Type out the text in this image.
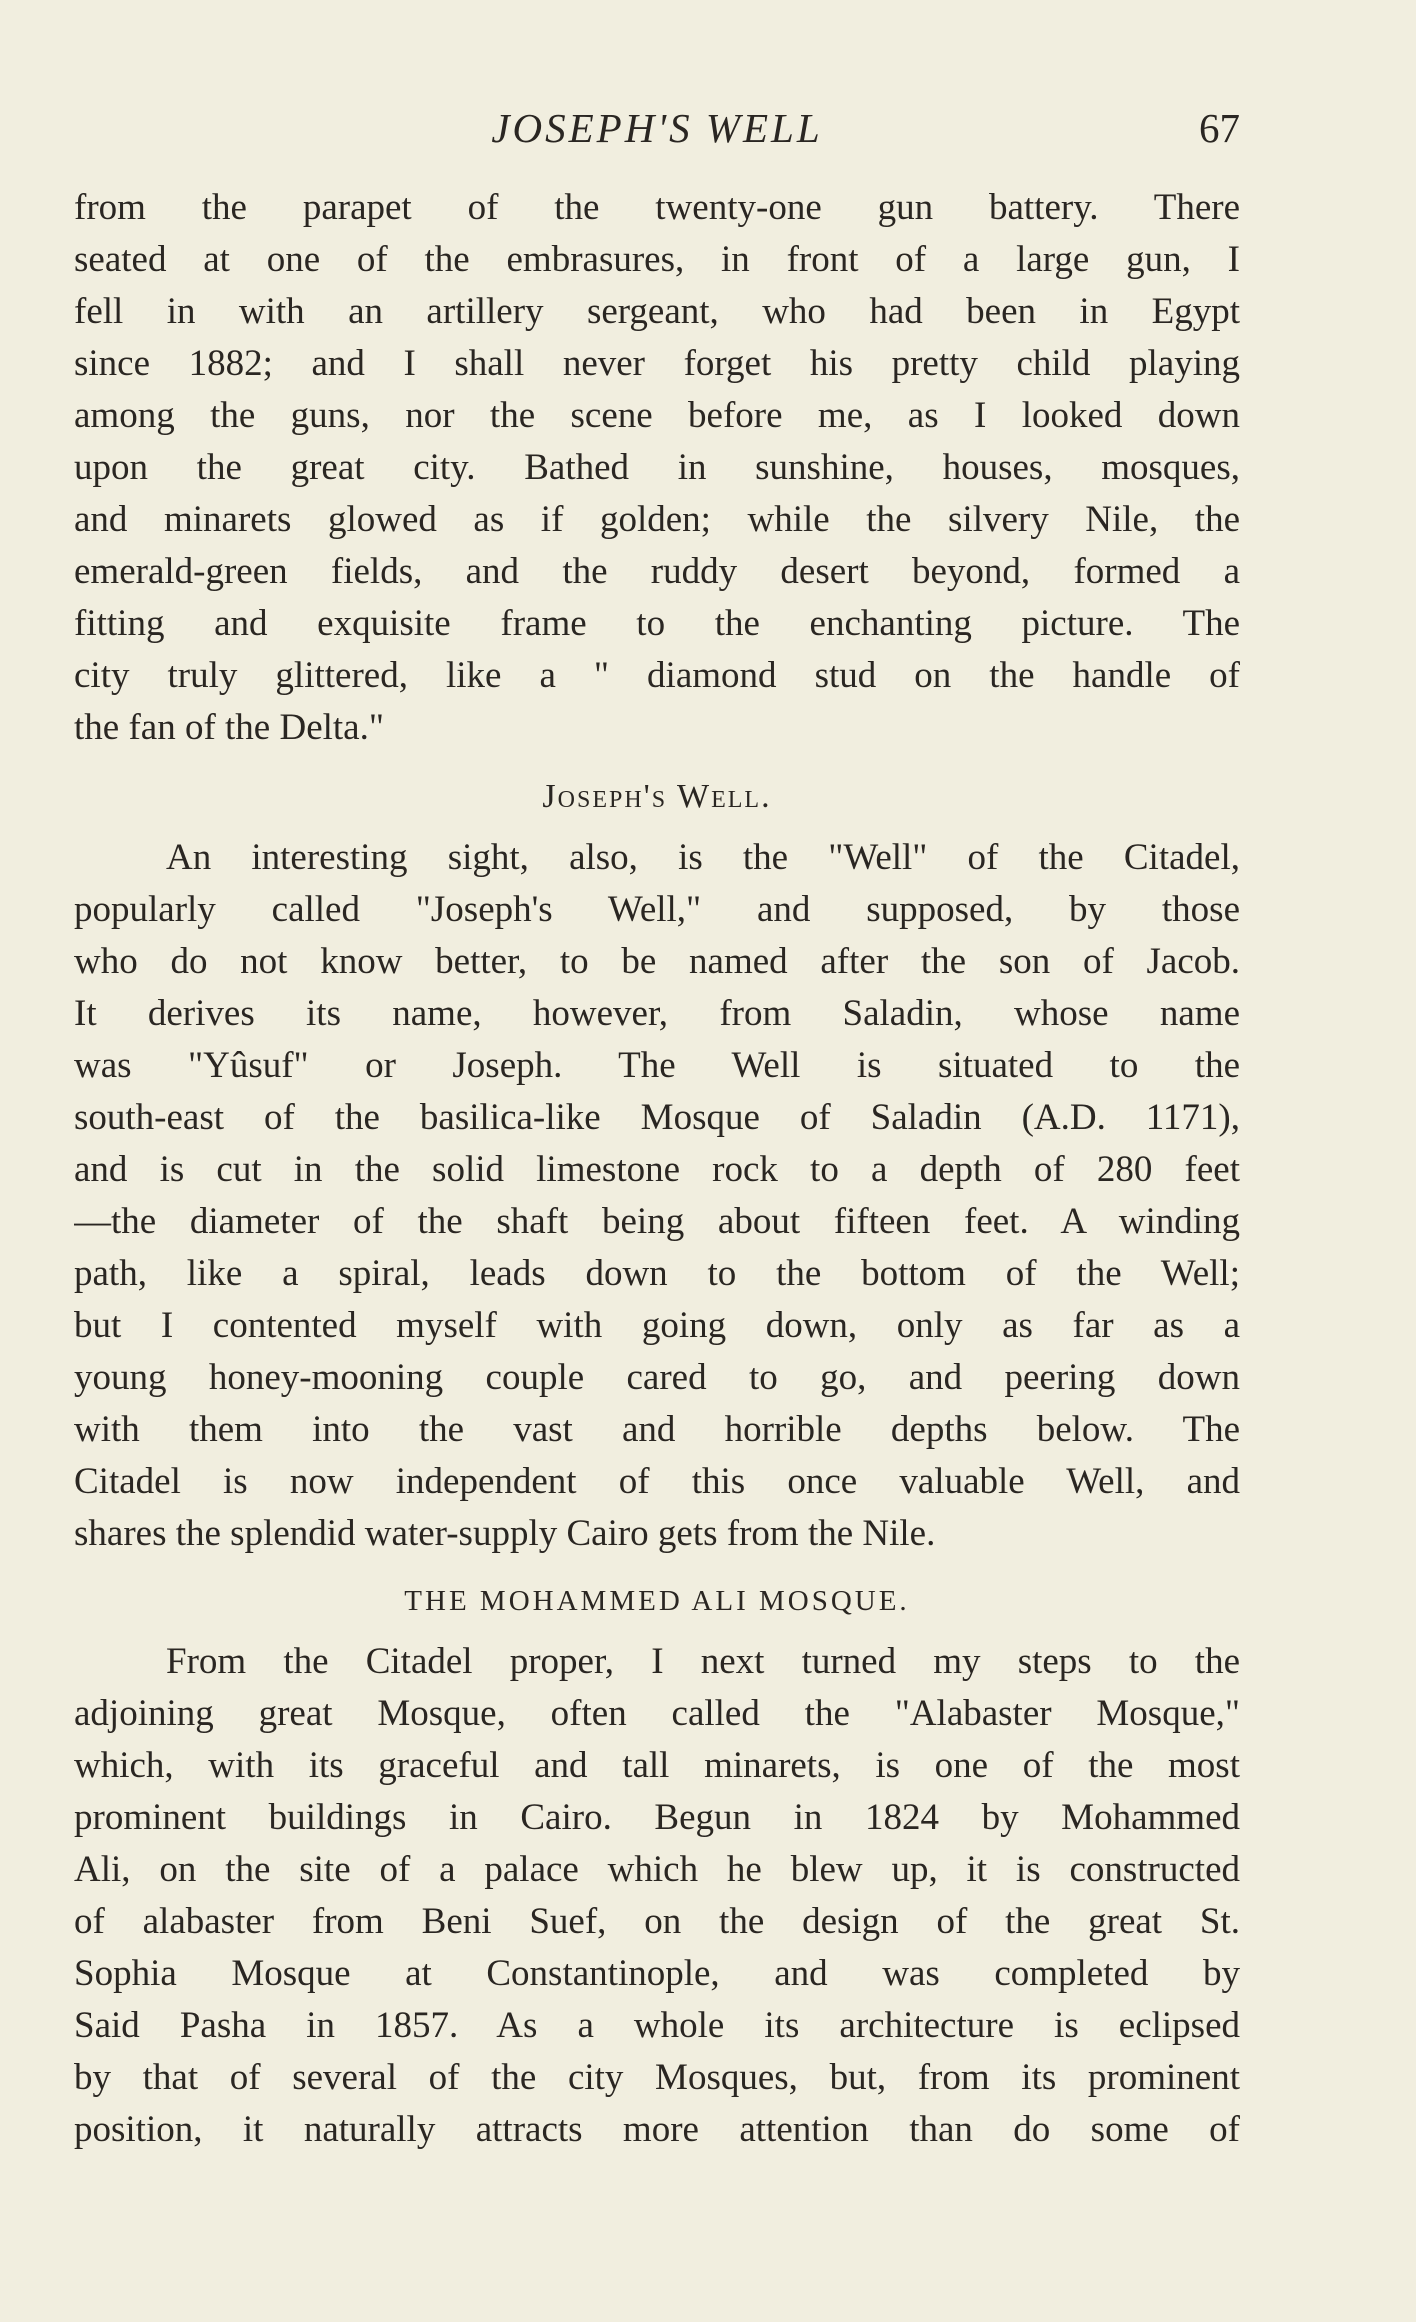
JOSEPH'S WELL	67
from the parapet of the twenty-one gun battery. There
seated at one of the embrasures, in front of a large gun, I
fell in with an artillery sergeant, who had been in Egypt
since 1882; and I shall never forget his pretty child playing
among the guns, nor the scene before me, as I looked down
upon the great city. Bathed in sunshine, houses, mosques,
and minarets glowed as if golden; while the silvery Nile, the
emerald-green fields, and the ruddy desert beyond, formed a
fitting and exquisite frame to the enchanting picture. The
city truly glittered, like a " diamond stud on the handle of
the fan of the Delta."
Joseph's Well.
An interesting sight, also, is the "Well" of the Citadel,
popularly called "Joseph's Well," and supposed, by those
who do not know better, to be named after the son of Jacob.
It derives its name, however, from Saladin, whose name
was "Yûsuf" or Joseph. The Well is situated to the
south-east of the basilica-like Mosque of Saladin (A.D. 1171),
and is cut in the solid limestone rock to a depth of 280 feet
—the diameter of the shaft being about fifteen feet. A winding
path, like a spiral, leads down to the bottom of the Well;
but I contented myself with going down, only as far as a
young honey-mooning couple cared to go, and peering down
with them into the vast and horrible depths below. The
Citadel is now independent of this once valuable Well, and
shares the splendid water-supply Cairo gets from the Nile.
THE MOHAMMED ALI MOSQUE.
From the Citadel proper, I next turned my steps to the
adjoining great Mosque, often called the "Alabaster Mosque,"
which, with its graceful and tall minarets, is one of the most
prominent buildings in Cairo. Begun in 1824 by Mohammed
Ali, on the site of a palace which he blew up, it is constructed
of alabaster from Beni Suef, on the design of the great St.
Sophia Mosque at Constantinople, and was completed by
Said Pasha in 1857. As a whole its architecture is eclipsed
by that of several of the city Mosques, but, from its prominent
position, it naturally attracts more attention than do some of
